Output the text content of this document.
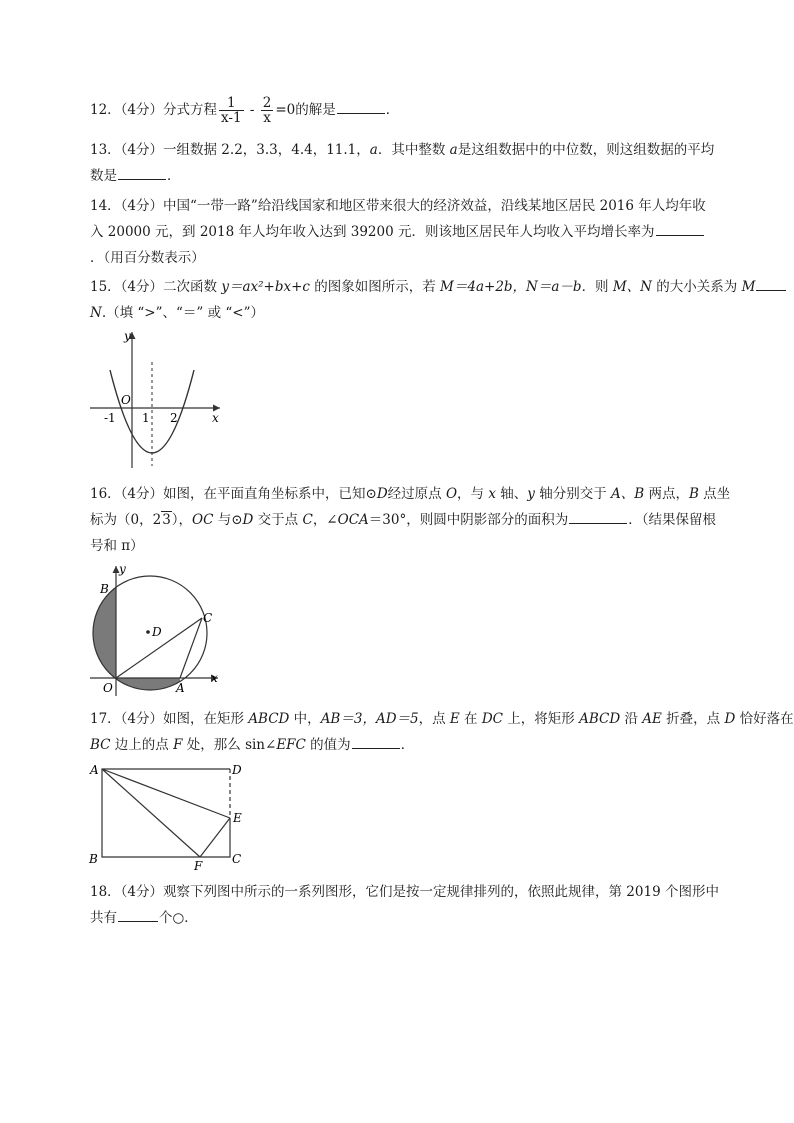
12．（4分）分式方程 $\frac{1}{x-1} - \frac{2}{x} =0$的解是	．
13．（4分）一组数据 2.2，3.3，4.4，11.1，a．其中整数 a是这组数据中的中位数，则这组数据的平均
数是	．
14．（4分）中国“一带一路”给沿线国家和地区带来很大的经济效益，沿线某地区居民 2016 年人均年收
入 20000 元，到 2018 年人均年收入达到 39200 元．则该地区居民年人均收入平均增长率为
．（用百分数表示）
15．（4分）二次函数 y＝ax²+bx+c 的图象如图所示，若 M＝4a+2b，N＝a－b．则 M、N 的大小关系为 M
N.（填 “>”、“＝” 或 “<”）
y
x
O
-1 1 2
16．（4分）如图，在平面直角坐标系中，已知⊙D经过原点 O，与 x 轴、y 轴分别交于 A、B 两点，B 点坐
标为（0，23），OC 与⊙D 交于点 C，∠OCA＝30°，则圆中阴影部分的面积为	．（结果保留根
号和 π）
y
x
B
C
D
O	A
17．（4分）如图，在矩形 ABCD 中，AB＝3，AD＝5，点 E 在 DC 上，将矩形 ABCD 沿 AE 折叠，点 D 恰好落在
BC 边上的点 F 处，那么 sin∠EFC 的值为	．
A	D
E
B	F C
18．（4分）观察下列图中所示的一系列图形，它们是按一定规律排列的，依照此规律，第 2019 个图形中
共有	个○．
